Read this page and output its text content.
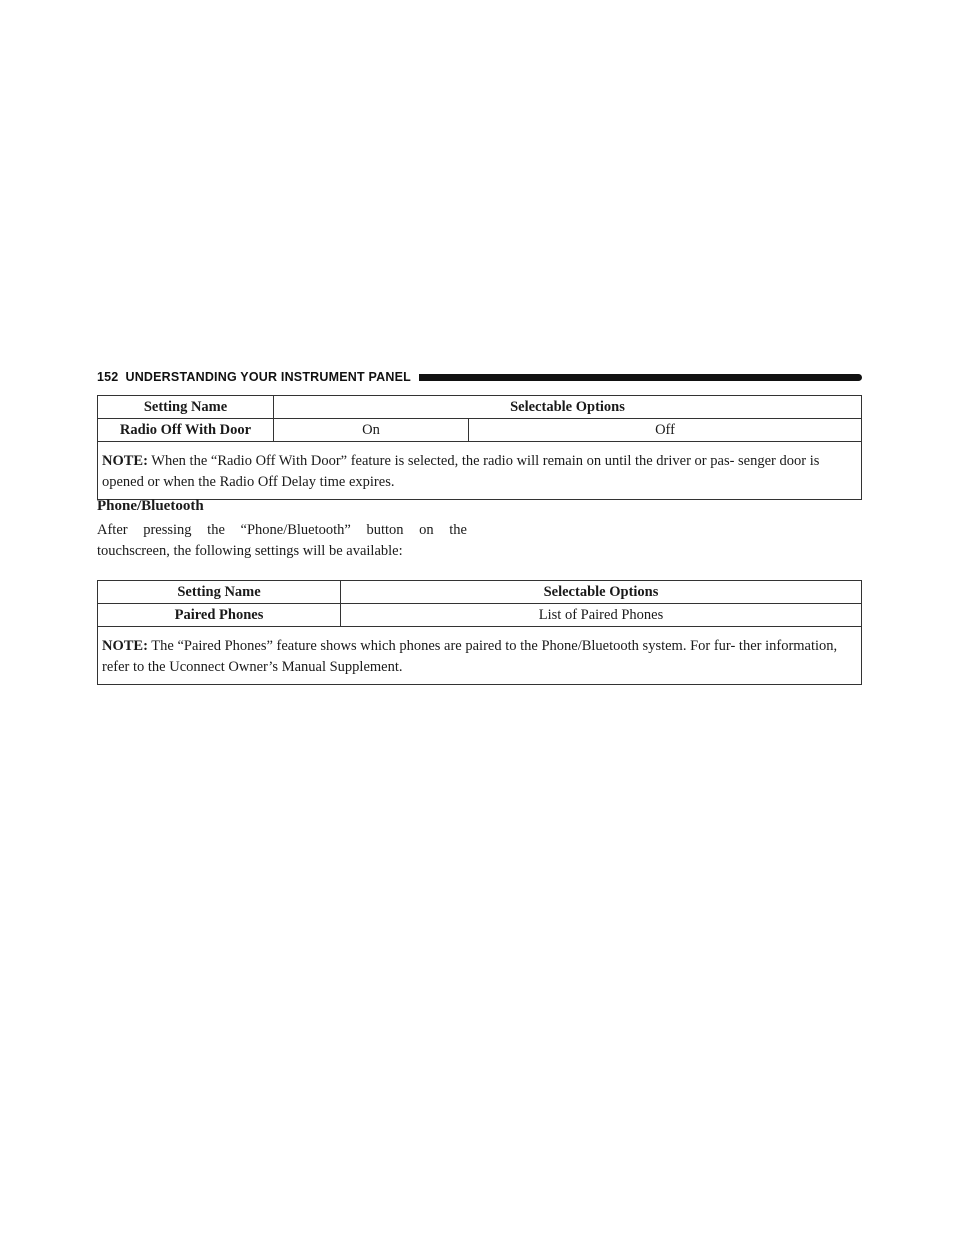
152 UNDERSTANDING YOUR INSTRUMENT PANEL
Setting Name	Selectable Options	
Radio Off With Door	On	Off
NOTE: When the “Radio Off With Door” feature is selected, the radio will remain on until the driver or pas- senger door is opened or when the Radio Off Delay time expires.		
Phone/Bluetooth
After pressing the “Phone/Bluetooth” button on the touchscreen, the following settings will be available:
Setting Name	Selectable Options
Paired Phones	List of Paired Phones
NOTE: The “Paired Phones” feature shows which phones are paired to the Phone/Bluetooth system. For fur- ther information, refer to the Uconnect Owner’s Manual Supplement.	
